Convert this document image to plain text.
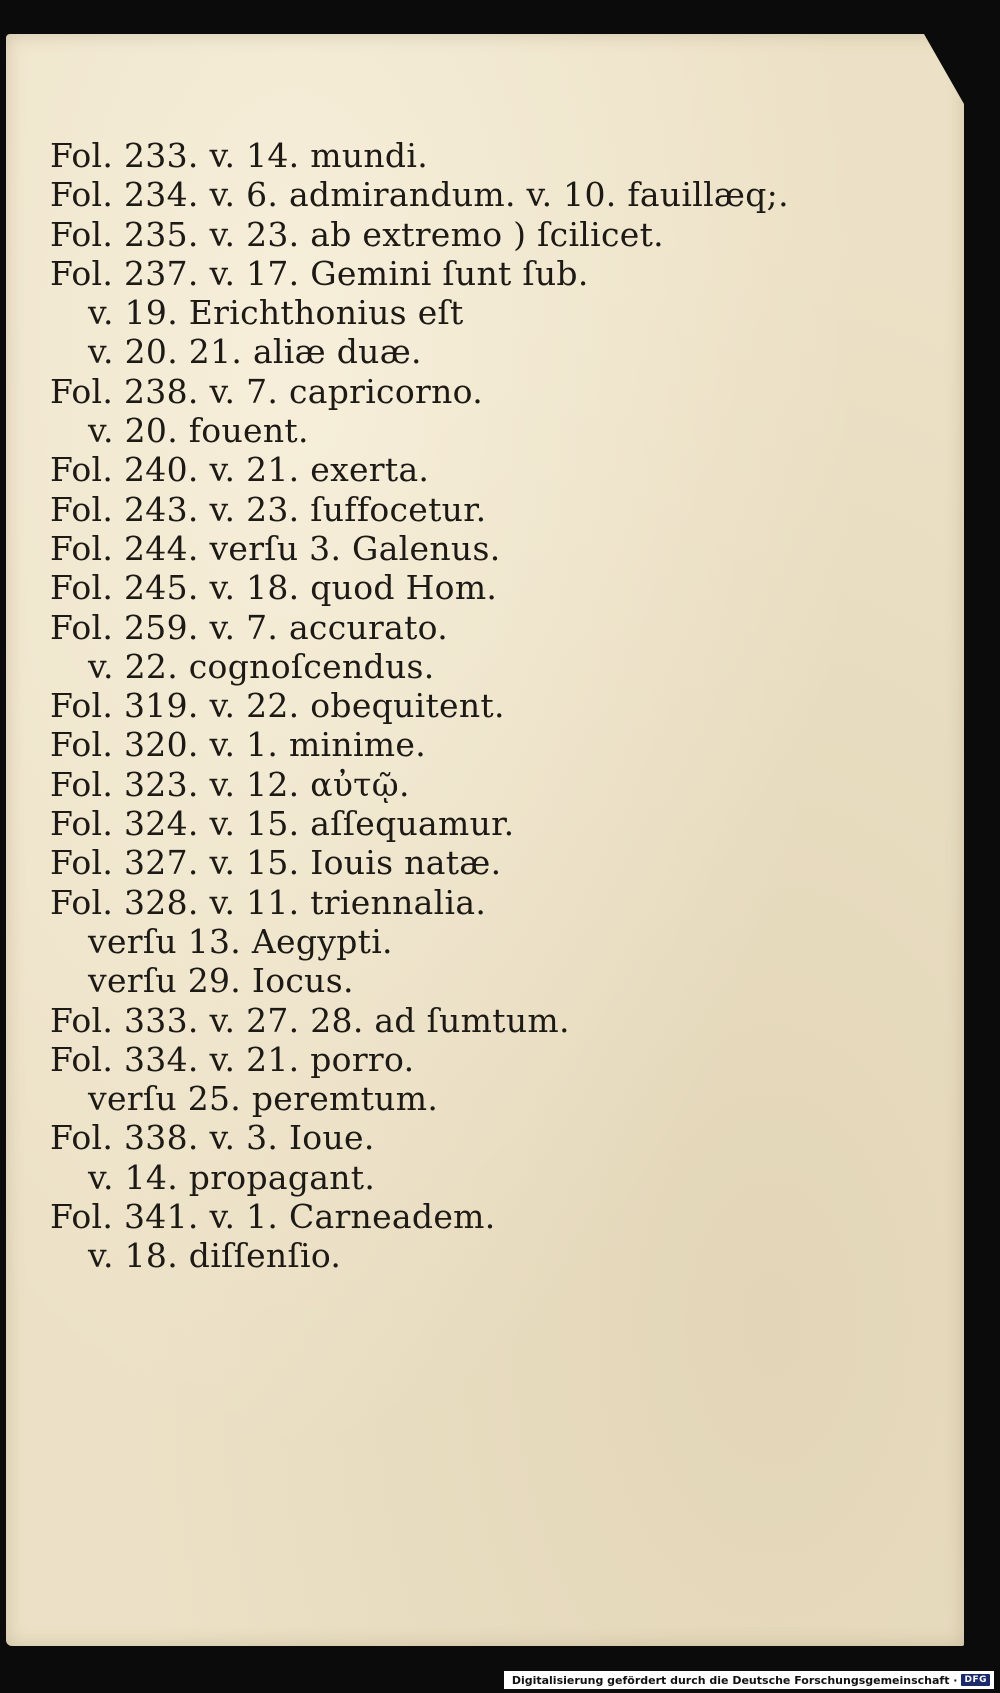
Fol. 233. v. 14. mundi.
Fol. 234. v. 6. admirandum. v. 10. fauillæq;.
Fol. 235. v. 23. ab extremo ) ſcilicet.
Fol. 237. v. 17. Gemini ſunt ſub.
v. 19. Erichthonius eſt
v. 20. 21. aliæ duæ.
Fol. 238. v. 7. capricorno.
v. 20. fouent.
Fol. 240. v. 21. exerta.
Fol. 243. v. 23. ſuffocetur.
Fol. 244. verſu 3. Galenus.
Fol. 245. v. 18. quod Hom.
Fol. 259. v. 7. accurato.
v. 22. cognoſcendus.
Fol. 319. v. 22. obequitent.
Fol. 320. v. 1. minime.
Fol. 323. v. 12. αὐτῷ.
Fol. 324. v. 15. aſſequamur.
Fol. 327. v. 15. Iouis natæ.
Fol. 328. v. 11. triennalia.
verſu 13. Aegypti.
verſu 29. Iocus.
Fol. 333. v. 27. 28. ad ſumtum.
Fol. 334. v. 21. porro.
verſu 25. peremtum.
Fol. 338. v. 3. Ioue.
v. 14. propagant.
Fol. 341. v. 1. Carneadem.
v. 18. diſſenſio.
Digitalisierung gefördert durch die Deutsche Forschungsgemeinschaft · DFG
